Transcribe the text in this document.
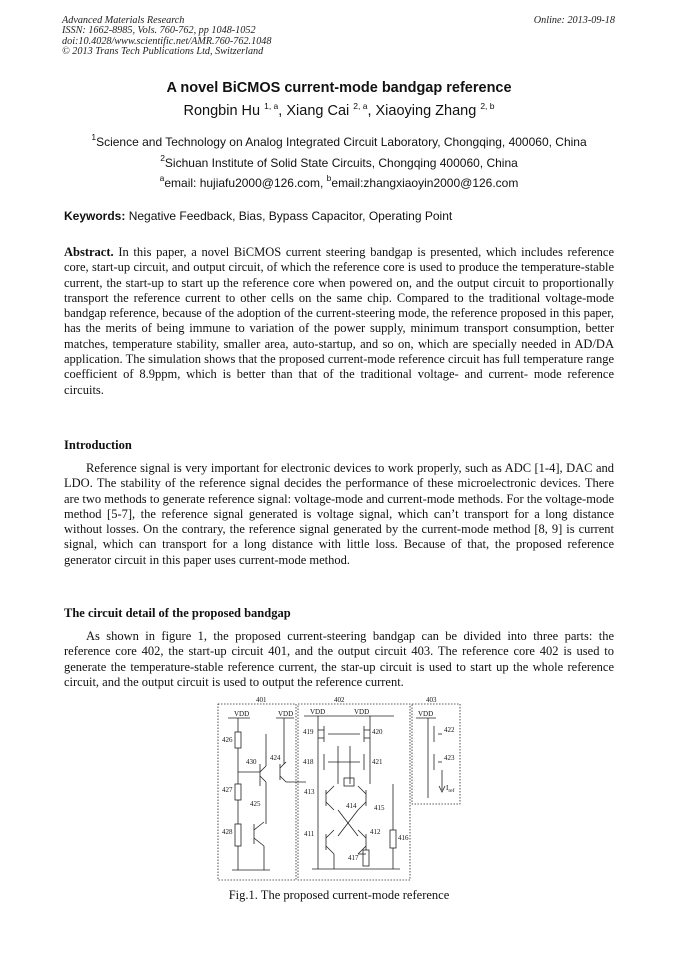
Advanced Materials Research
ISSN: 1662-8985, Vols. 760-762, pp 1048-1052
doi:10.4028/www.scientific.net/AMR.760-762.1048
© 2013 Trans Tech Publications Ltd, Switzerland
Online: 2013-09-18
A novel BiCMOS current-mode bandgap reference
Rongbin Hu $^{1, a}$, Xiang Cai $^{2, a}$, Xiaoying Zhang $^{2, b}$
$^1$Science and Technology on Analog Integrated Circuit Laboratory, Chongqing, 400060, China
$^2$Sichuan Institute of Solid State Circuits, Chongqing 400060, China
$^a$email: hujiafu2000@126.com, $^b$email:zhangxiaoyin2000@126.com
Keywords: Negative Feedback, Bias, Bypass Capacitor, Operating Point
Abstract. In this paper, a novel BiCMOS current steering bandgap is presented, which includes reference core, start-up circuit, and output circuit, of which the reference core is used to produce the temperature-stable current, the start-up to start up the reference core when powered on, and the output circuit to proportionally transport the reference current to other cells on the same chip. Compared to the traditional voltage-mode bandgap reference, because of the adoption of the current-steering mode, the reference proposed in this paper, has the merits of being immune to variation of the power supply, minimum transport consumption, better matches, temperature stability, smaller area, auto-startup, and so on, which are specially needed in AD/DA application. The simulation shows that the proposed current-mode reference circuit has full temperature range coefficient of 8.9ppm, which is better than that of the traditional voltage- and current- mode reference circuits.
Introduction
Reference signal is very important for electronic devices to work properly, such as ADC [1-4], DAC and LDO. The stability of the reference signal decides the performance of these microelectronic devices. There are two methods to generate reference signal: voltage-mode and current-mode methods. For the voltage-mode method [5-7], the reference signal generated is voltage signal, which can’t transport for a long distance without losses. On the contrary, the reference signal generated by the current-mode method [8, 9] is current signal, which can transport for a long distance with little loss. Because of that, the proposed reference generator circuit in this paper uses current-mode method.
The circuit detail of the proposed bandgap
As shown in figure 1, the proposed current-steering bandgap can be divided into three parts: the reference core 402, the start-up circuit 401, and the output circuit 403. The reference core 402 is used to generate the temperature-stable reference current, the star-up circuit is used to start up the whole reference circuit, and the output circuit is used to output the reference current.
401	402	403
VDD	VDD VDD	VDD	VDD
426
427
428
430 424
425
419
418
420
421
413
414	415
411	412
416
417
422
423
$I_{ref}$
Fig.1. The proposed current-mode reference
